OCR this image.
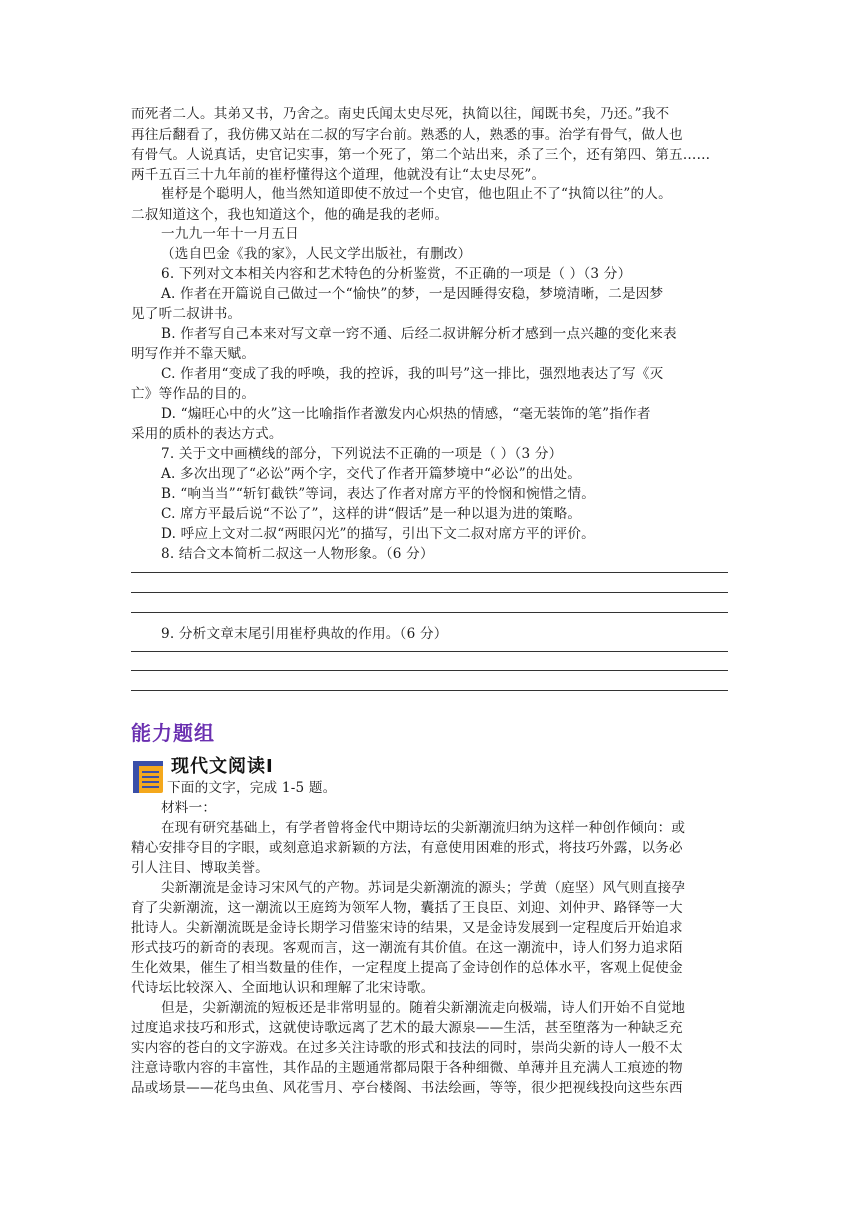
而死者二人。其弟又书，乃舍之。南史氏闻太史尽死，执简以往，闻既书矣，乃还。”我不
再往后翻看了，我仿佛又站在二叔的写字台前。熟悉的人，熟悉的事。治学有骨气，做人也
有骨气。人说真话，史官记实事，第一个死了，第二个站出来，杀了三个，还有第四、第五……
两千五百三十九年前的崔杼懂得这个道理，他就没有让“太史尽死”。
崔杼是个聪明人，他当然知道即使不放过一个史官，他也阻止不了“执简以往”的人。
二叔知道这个，我也知道这个，他的确是我的老师。
一九九一年十一月五日
（选自巴金《我的家》，人民文学出版社，有删改）
6. 下列对文本相关内容和艺术特色的分析鉴赏，不正确的一项是（ ）（3 分）
A. 作者在开篇说自己做过一个“愉快”的梦，一是因睡得安稳，梦境清晰，二是因梦
见了听二叔讲书。
B. 作者写自己本来对写文章一窍不通、后经二叔讲解分析才感到一点兴趣的变化来表
明写作并不靠天赋。
C. 作者用“变成了我的呼唤，我的控诉，我的叫号”这一排比，强烈地表达了写《灭
亡》等作品的目的。
D. “煽旺心中的火”这一比喻指作者激发内心炽热的情感，“毫无装饰的笔”指作者
采用的质朴的表达方式。
7. 关于文中画横线的部分，下列说法不正确的一项是（ ）（3 分）
A. 多次出现了“必讼”两个字，交代了作者开篇梦境中“必讼”的出处。
B. “响当当”“斩钉截铁”等词，表达了作者对席方平的怜悯和惋惜之情。
C. 席方平最后说“不讼了”，这样的讲“假话”是一种以退为进的策略。
D. 呼应上文对二叔“两眼闪光”的描写，引出下文二叔对席方平的评价。
8. 结合文本简析二叔这一人物形象。（6 分）
9. 分析文章末尾引用崔杼典故的作用。（6 分）
能力题组
现代文阅读Ⅰ
下面的文字，完成 1-5 题。
材料一：
在现有研究基础上，有学者曾将金代中期诗坛的尖新潮流归纳为这样一种创作倾向：或
精心安排夺目的字眼，或刻意追求新颖的方法，有意使用困难的形式，将技巧外露，以务必
引人注目、博取美誉。
尖新潮流是金诗习宋风气的产物。苏词是尖新潮流的源头；学黄（庭坚）风气则直接孕
育了尖新潮流，这一潮流以王庭筠为领军人物，囊括了王良臣、刘迎、刘仲尹、路铎等一大
批诗人。尖新潮流既是金诗长期学习借鉴宋诗的结果，又是金诗发展到一定程度后开始追求
形式技巧的新奇的表现。客观而言，这一潮流有其价值。在这一潮流中，诗人们努力追求陌
生化效果，催生了相当数量的佳作，一定程度上提高了金诗创作的总体水平，客观上促使金
代诗坛比较深入、全面地认识和理解了北宋诗歌。
但是，尖新潮流的短板还是非常明显的。随着尖新潮流走向极端，诗人们开始不自觉地
过度追求技巧和形式，这就使诗歌远离了艺术的最大源泉——生活，甚至堕落为一种缺乏充
实内容的苍白的文字游戏。在过多关注诗歌的形式和技法的同时，崇尚尖新的诗人一般不太
注意诗歌内容的丰富性，其作品的主题通常都局限于各种细微、单薄并且充满人工痕迹的物
品或场景——花鸟虫鱼、风花雪月、亭台楼阁、书法绘画，等等，很少把视线投向这些东西
